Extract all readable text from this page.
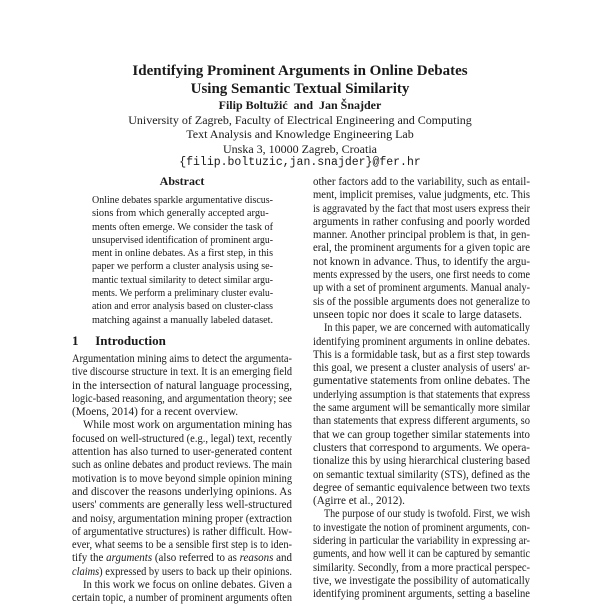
Identifying Prominent Arguments in Online Debates
Using Semantic Textual Similarity
Filip Boltužić  and  Jan Šnajder
University of Zagreb, Faculty of Electrical Engineering and Computing
Text Analysis and Knowledge Engineering Lab
Unska 3, 10000 Zagreb, Croatia
{filip.boltuzic,jan.snajder}@fer.hr
Abstract
Online debates sparkle argumentative discus-
sions from which generally accepted argu-
ments often emerge. We consider the task of
unsupervised identification of prominent argu-
ment in online debates. As a first step, in this
paper we perform a cluster analysis using se-
mantic textual similarity to detect similar argu-
ments. We perform a preliminary cluster evalu-
ation and error analysis based on cluster-class
matching against a manually labeled dataset.
1 Introduction
Argumentation mining aims to detect the argumenta-
tive discourse structure in text. It is an emerging field
in the intersection of natural language processing,
logic-based reasoning, and argumentation theory; see
(Moens, 2014) for a recent overview.
While most work on argumentation mining has
focused on well-structured (e.g., legal) text, recently
attention has also turned to user-generated content
such as online debates and product reviews. The main
motivation is to move beyond simple opinion mining
and discover the reasons underlying opinions. As
users' comments are generally less well-structured
and noisy, argumentation mining proper (extraction
of argumentative structures) is rather difficult. How-
ever, what seems to be a sensible first step is to iden-
tify the arguments (also referred to as reasons and
claims) expressed by users to back up their opinions.
In this work we focus on online debates. Given a
certain topic, a number of prominent arguments often
other factors add to the variability, such as entail-
ment, implicit premises, value judgments, etc. This
is aggravated by the fact that most users express their
arguments in rather confusing and poorly worded
manner. Another principal problem is that, in gen-
eral, the prominent arguments for a given topic are
not known in advance. Thus, to identify the argu-
ments expressed by the users, one first needs to come
up with a set of prominent arguments. Manual analy-
sis of the possible arguments does not generalize to
unseen topic nor does it scale to large datasets.
In this paper, we are concerned with automatically
identifying prominent arguments in online debates.
This is a formidable task, but as a first step towards
this goal, we present a cluster analysis of users' ar-
gumentative statements from online debates. The
underlying assumption is that statements that express
the same argument will be semantically more similar
than statements that express different arguments, so
that we can group together similar statements into
clusters that correspond to arguments. We opera-
tionalize this by using hierarchical clustering based
on semantic textual similarity (STS), defined as the
degree of semantic equivalence between two texts
(Agirre et al., 2012).
The purpose of our study is twofold. First, we wish
to investigate the notion of prominent arguments, con-
sidering in particular the variability in expressing ar-
guments, and how well it can be captured by semantic
similarity. Secondly, from a more practical perspec-
tive, we investigate the possibility of automatically
identifying prominent arguments, setting a baseline
